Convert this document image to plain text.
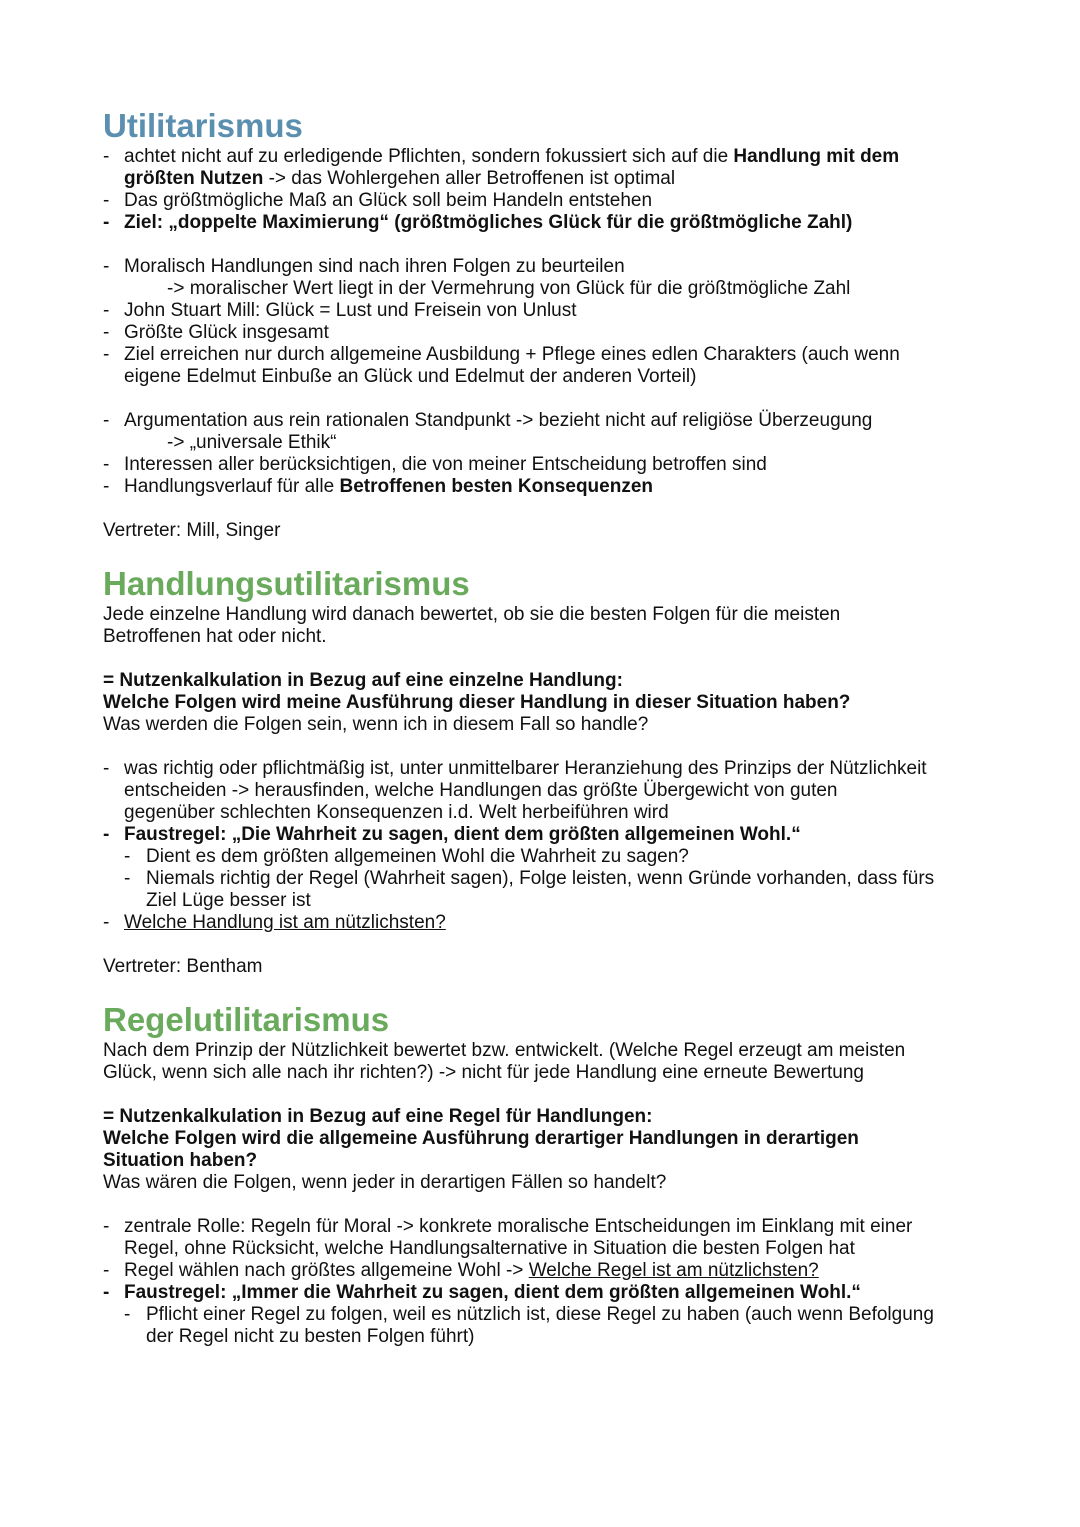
Utilitarismus
- achtet nicht auf zu erledigende Pflichten, sondern fokussiert sich auf die Handlung mit dem
größten Nutzen -> das Wohlergehen aller Betroffenen ist optimal
- Das größtmögliche Maß an Glück soll beim Handeln entstehen
- Ziel: „doppelte Maximierung“ (größtmögliches Glück für die größtmögliche Zahl)
- Moralisch Handlungen sind nach ihren Folgen zu beurteilen
-> moralischer Wert liegt in der Vermehrung von Glück für die größtmögliche Zahl
- John Stuart Mill: Glück = Lust und Freisein von Unlust
- Größte Glück insgesamt
- Ziel erreichen nur durch allgemeine Ausbildung + Pflege eines edlen Charakters (auch wenn
eigene Edelmut Einbuße an Glück und Edelmut der anderen Vorteil)
- Argumentation aus rein rationalen Standpunkt -> bezieht nicht auf religiöse Überzeugung
-> „universale Ethik“
- Interessen aller berücksichtigen, die von meiner Entscheidung betroffen sind
- Handlungsverlauf für alle Betroffenen besten Konsequenzen
Vertreter: Mill, Singer
Handlungsutilitarismus
Jede einzelne Handlung wird danach bewertet, ob sie die besten Folgen für die meisten
Betroffenen hat oder nicht.
= Nutzenkalkulation in Bezug auf eine einzelne Handlung:
Welche Folgen wird meine Ausführung dieser Handlung in dieser Situation haben?
Was werden die Folgen sein, wenn ich in diesem Fall so handle?
- was richtig oder pflichtmäßig ist, unter unmittelbarer Heranziehung des Prinzips der Nützlichkeit
entscheiden -> herausfinden, welche Handlungen das größte Übergewicht von guten
gegenüber schlechten Konsequenzen i.d. Welt herbeiführen wird
- Faustregel: „Die Wahrheit zu sagen, dient dem größten allgemeinen Wohl.“
- Dient es dem größten allgemeinen Wohl die Wahrheit zu sagen?
- Niemals richtig der Regel (Wahrheit sagen), Folge leisten, wenn Gründe vorhanden, dass fürs
Ziel Lüge besser ist
- Welche Handlung ist am nützlichsten?
Vertreter: Bentham
Regelutilitarismus
Nach dem Prinzip der Nützlichkeit bewertet bzw. entwickelt. (Welche Regel erzeugt am meisten
Glück, wenn sich alle nach ihr richten?) -> nicht für jede Handlung eine erneute Bewertung
= Nutzenkalkulation in Bezug auf eine Regel für Handlungen:
Welche Folgen wird die allgemeine Ausführung derartiger Handlungen in derartigen
Situation haben?
Was wären die Folgen, wenn jeder in derartigen Fällen so handelt?
- zentrale Rolle: Regeln für Moral -> konkrete moralische Entscheidungen im Einklang mit einer
Regel, ohne Rücksicht, welche Handlungsalternative in Situation die besten Folgen hat
- Regel wählen nach größtes allgemeine Wohl -> Welche Regel ist am nützlichsten?
- Faustregel: „Immer die Wahrheit zu sagen, dient dem größten allgemeinen Wohl.“
- Pflicht einer Regel zu folgen, weil es nützlich ist, diese Regel zu haben (auch wenn Befolgung
der Regel nicht zu besten Folgen führt)
